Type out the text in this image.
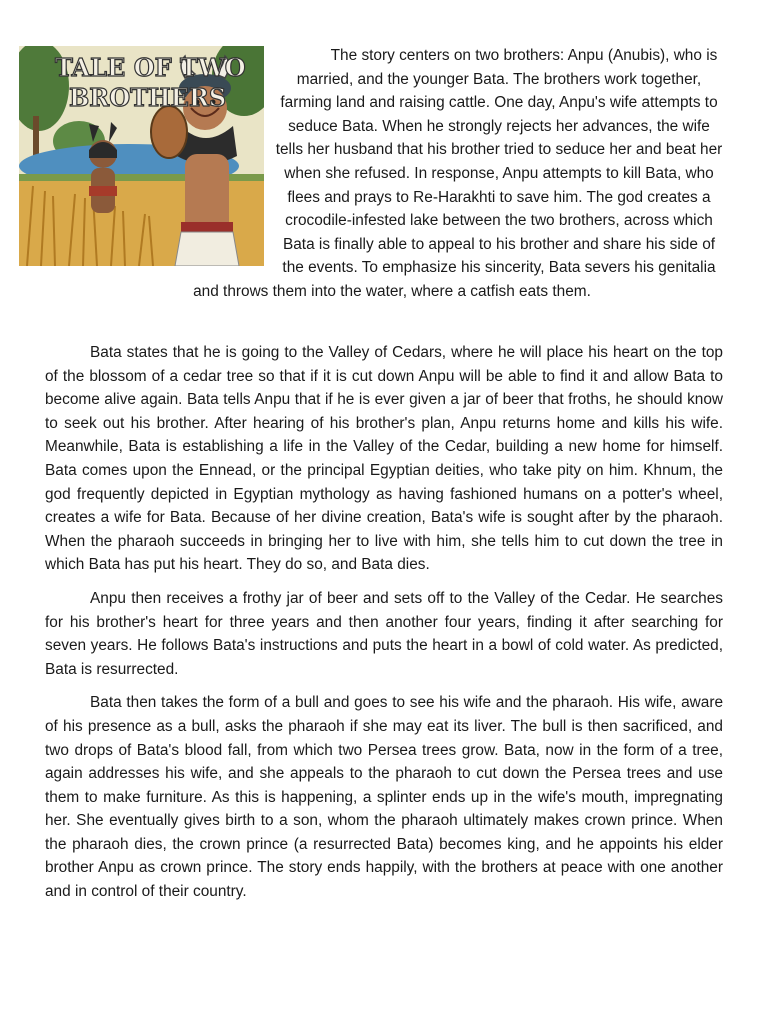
TALE OF TWO
BROTHERS

The story centers on two brothers: Anpu (Anubis), who is married, and the younger Bata. The brothers work together, farming land and raising cattle. One day, Anpu's wife attempts to seduce Bata. When he strongly rejects her advances, the wife tells her husband that his brother tried to seduce her and beat her when she refused. In response, Anpu attempts to kill Bata, who flees and prays to Re-Harakhti to save him. The god creates a crocodile-infested lake between the two brothers, across which Bata is finally able to appeal to his brother and share his side of the events. To emphasize his sincerity, Bata severs his genitalia and throws them into the water, where a catfish eats them.

Bata states that he is going to the Valley of Cedars, where he will place his heart on the top of the blossom of a cedar tree so that if it is cut down Anpu will be able to find it and allow Bata to become alive again. Bata tells Anpu that if he is ever given a jar of beer that froths, he should know to seek out his brother. After hearing of his brother's plan, Anpu returns home and kills his wife. Meanwhile, Bata is establishing a life in the Valley of the Cedar, building a new home for himself. Bata comes upon the Ennead, or the principal Egyptian deities, who take pity on him. Khnum, the god frequently depicted in Egyptian mythology as having fashioned humans on a potter's wheel, creates a wife for Bata. Because of her divine creation, Bata's wife is sought after by the pharaoh. When the pharaoh succeeds in bringing her to live with him, she tells him to cut down the tree in which Bata has put his heart. They do so, and Bata dies.

Anpu then receives a frothy jar of beer and sets off to the Valley of the Cedar. He searches for his brother's heart for three years and then another four years, finding it after searching for seven years. He follows Bata's instructions and puts the heart in a bowl of cold water. As predicted, Bata is resurrected.

Bata then takes the form of a bull and goes to see his wife and the pharaoh. His wife, aware of his presence as a bull, asks the pharaoh if she may eat its liver. The bull is then sacrificed, and two drops of Bata's blood fall, from which two Persea trees grow. Bata, now in the form of a tree, again addresses his wife, and she appeals to the pharaoh to cut down the Persea trees and use them to make furniture. As this is happening, a splinter ends up in the wife's mouth, impregnating her. She eventually gives birth to a son, whom the pharaoh ultimately makes crown prince. When the pharaoh dies, the crown prince (a resurrected Bata) becomes king, and he appoints his elder brother Anpu as crown prince. The story ends happily, with the brothers at peace with one another and in control of their country.
